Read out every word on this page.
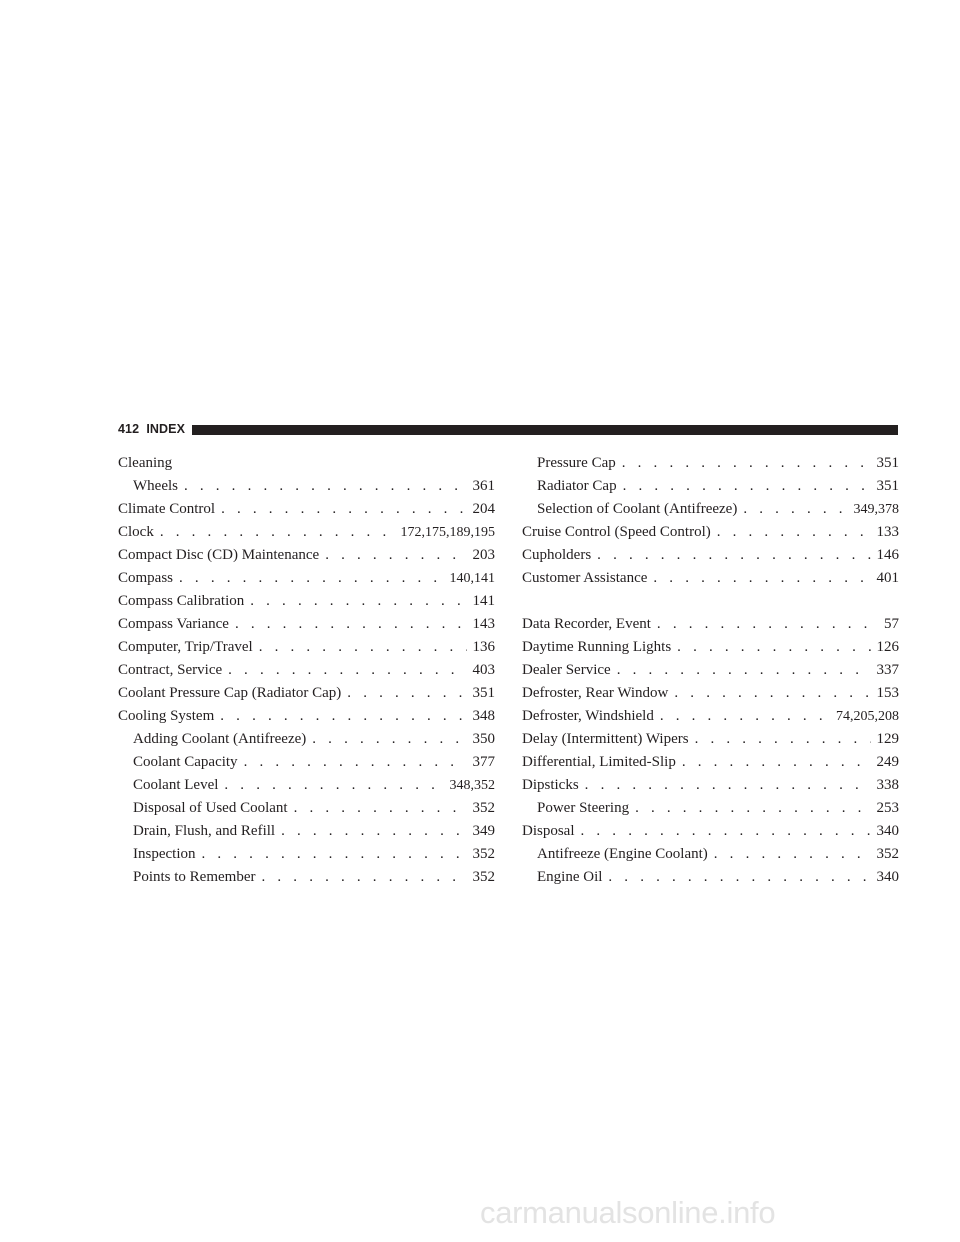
412 INDEX
Cleaning
Wheels . . .	361
Climate Control . . .	204
Clock . . .	172,175,189,195
Compact Disc (CD) Maintenance . . .	203
Compass . . .	140,141
Compass Calibration . . .	141
Compass Variance . . .	143
Computer, Trip/Travel . . .	136
Contract, Service . . .	403
Coolant Pressure Cap (Radiator Cap) . . .	351
Cooling System . . .	348
Adding Coolant (Antifreeze) . . .	350
Coolant Capacity . . .	377
Coolant Level . . .	348,352
Disposal of Used Coolant . . .	352
Drain, Flush, and Refill . . .	349
Inspection . . .	352
Points to Remember . . .	352
Pressure Cap . . .	351
Radiator Cap . . .	351
Selection of Coolant (Antifreeze) . . .	349,378
Cruise Control (Speed Control) . . .	133
Cupholders . . .	146
Customer Assistance . . .	401
Data Recorder, Event . . .	57
Daytime Running Lights . . .	126
Dealer Service . . .	337
Defroster, Rear Window . . .	153
Defroster, Windshield . . .	74,205,208
Delay (Intermittent) Wipers . . .	129
Differential, Limited-Slip . . .	249
Dipsticks . . .	338
Power Steering . . .	253
Disposal . . .	340
Antifreeze (Engine Coolant) . . .	352
Engine Oil . . .	340
carmanualsonline.info
